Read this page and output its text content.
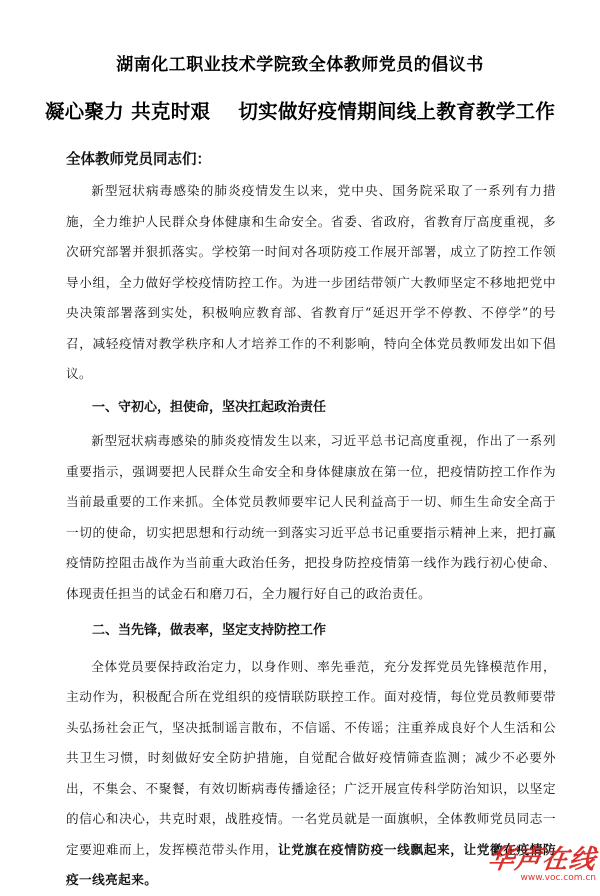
湖南化工职业技术学院致全体教师党员的倡议书
凝心聚力 共克时艰 切实做好疫情期间线上教育教学工作

全体教师党员同志们：

新型冠状病毒感染的肺炎疫情发生以来，党中央、国务院采取了一系列有力措施，全力维护人民群众身体健康和生命安全。省委、省政府，省教育厅高度重视，多次研究部署并狠抓落实。学校第一时间对各项防疫工作展开部署，成立了防控工作领导小组，全力做好学校疫情防控工作。为进一步团结带领广大教师坚定不移地把党中央决策部署落到实处，积极响应教育部、省教育厅“延迟开学不停教、不停学”的号召，减轻疫情对教学秩序和人才培养工作的不利影响，特向全体党员教师发出如下倡议。

一、守初心，担使命，坚决扛起政治责任

新型冠状病毒感染的肺炎疫情发生以来，习近平总书记高度重视，作出了一系列重要指示，强调要把人民群众生命安全和身体健康放在第一位，把疫情防控工作作为当前最重要的工作来抓。全体党员教师要牢记人民利益高于一切、师生生命安全高于一切的使命，切实把思想和行动统一到落实习近平总书记重要指示精神上来，把打赢疫情防控阻击战作为当前重大政治任务，把投身防控疫情第一线作为践行初心使命、体现责任担当的试金石和磨刀石，全力履行好自己的政治责任。

二、当先锋，做表率，坚定支持防控工作

全体党员要保持政治定力，以身作则、率先垂范，充分发挥党员先锋模范作用，主动作为，积极配合所在党组织的疫情联防联控工作。面对疫情，每位党员教师要带头弘扬社会正气，坚决抵制谣言散布，不信谣、不传谣；注重养成良好个人生活和公共卫生习惯，时刻做好安全防护措施，自觉配合做好疫情筛查监测；减少不必要外出，不集会、不聚餐，有效切断病毒传播途径；广泛开展宣传科学防治知识，以坚定的信心和决心，共克时艰，战胜疫情。一名党员就是一面旗帜，全体教师党员同志一定要迎难而上，发挥模范带头作用，让党旗在疫情防疫一线飘起来，让党徽在疫情防疫一线亮起来。

华声在线
www.voc.com.cn
